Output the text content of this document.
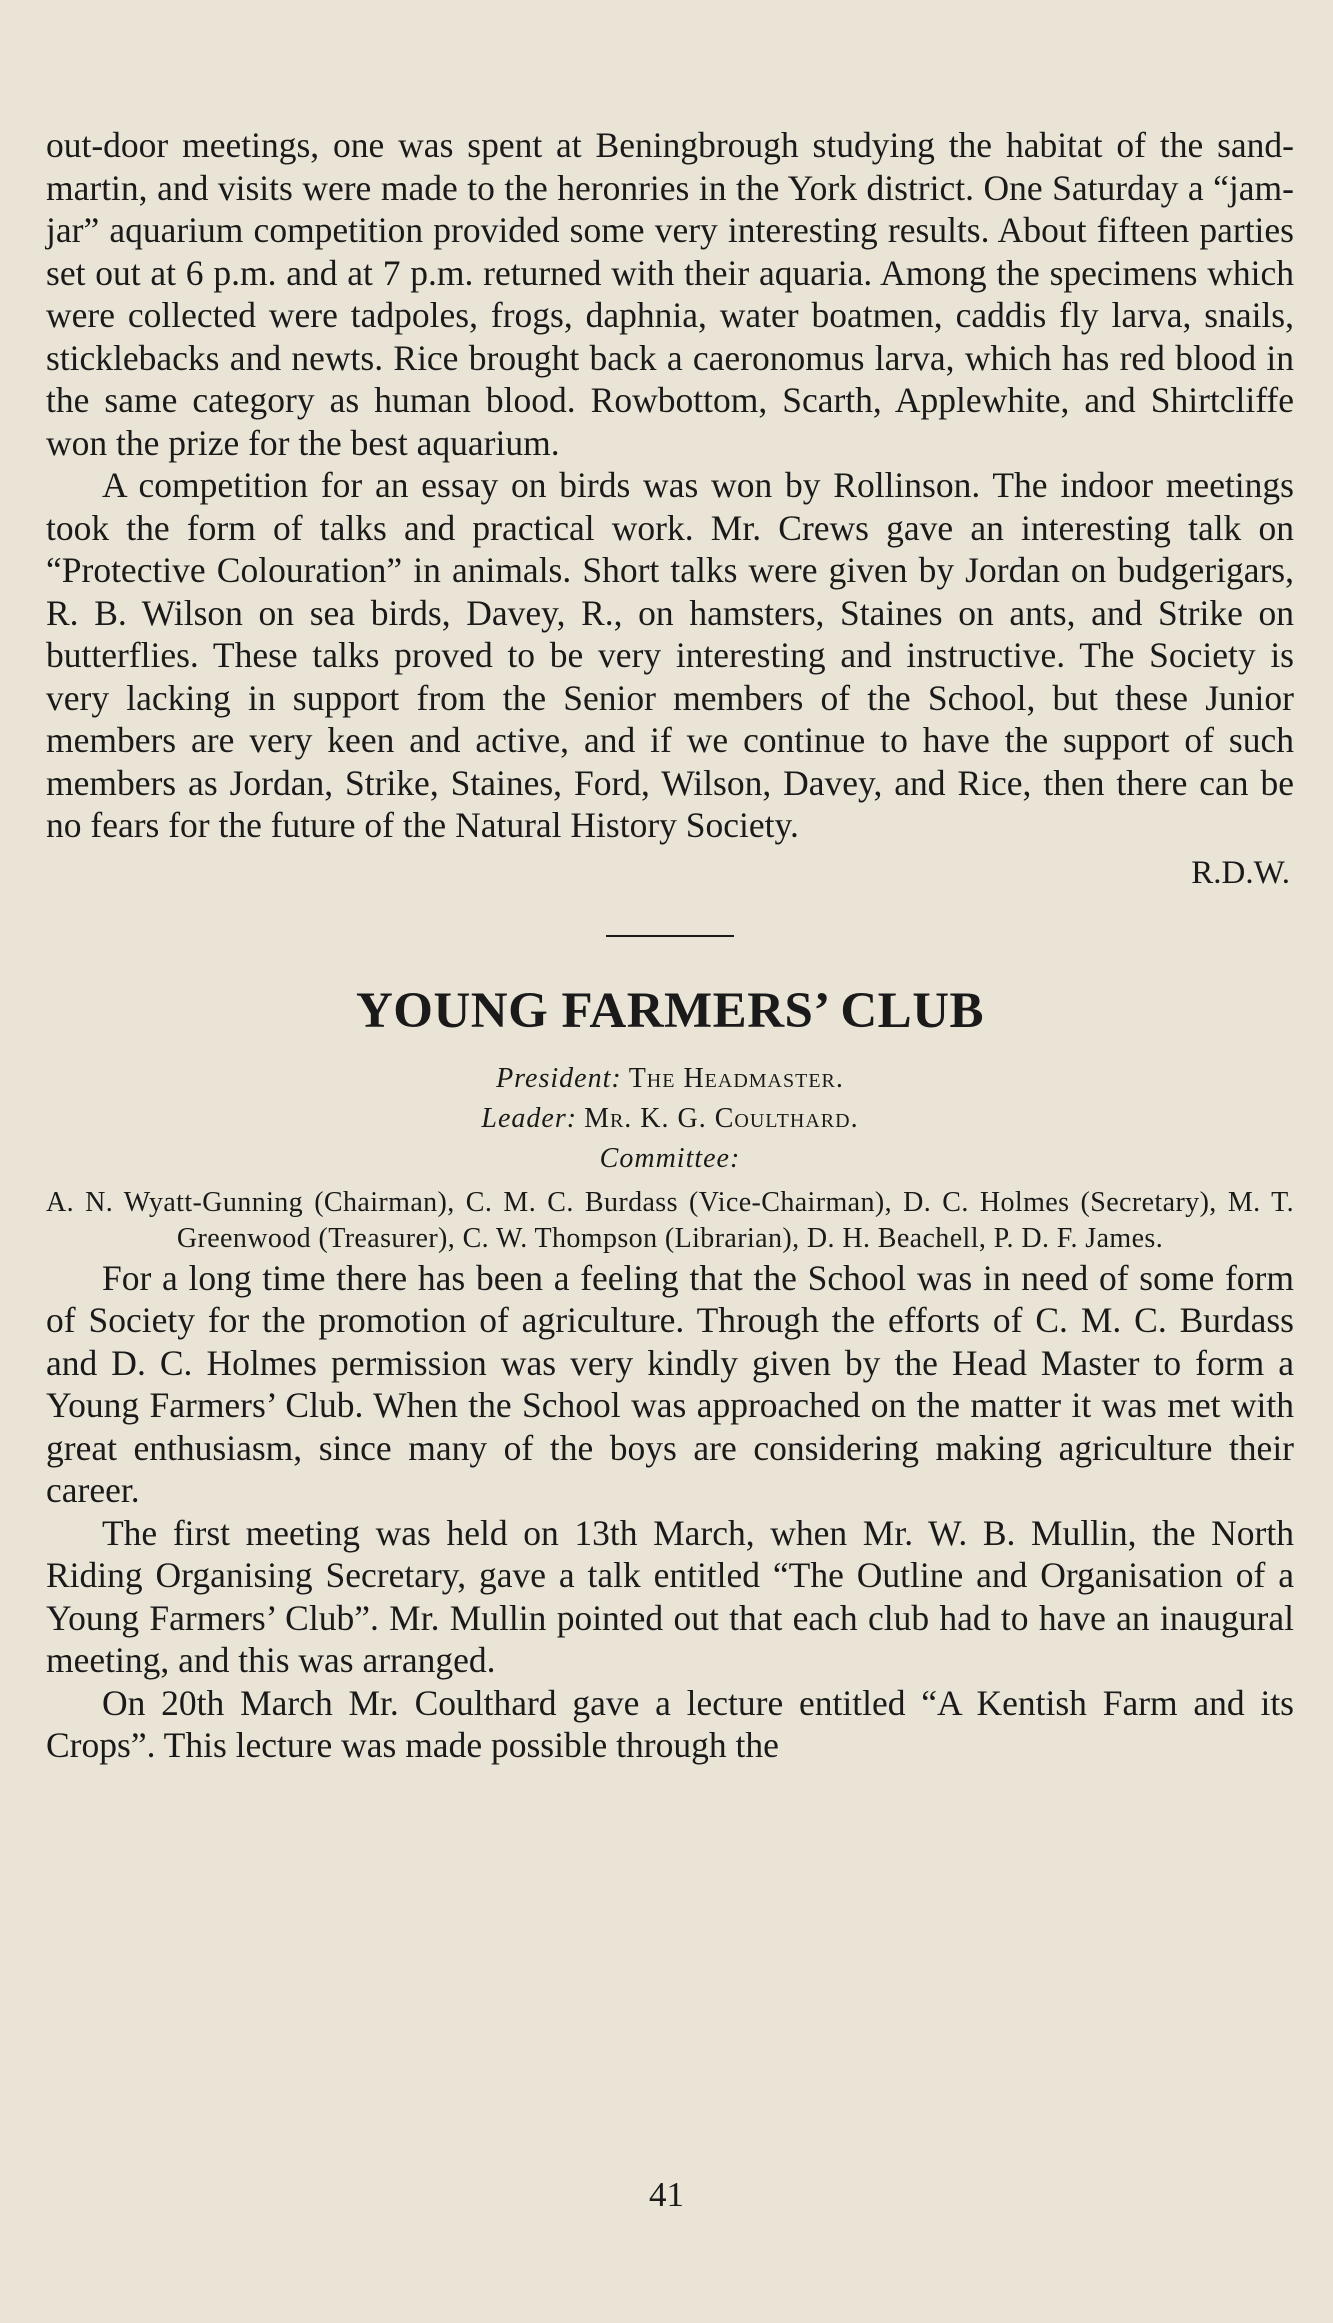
out-door meetings, one was spent at Beningbrough studying the habitat of the sand-martin, and visits were made to the heronries in the York district. One Saturday a “jam-jar” aquarium competition provided some very interesting results. About fifteen parties set out at 6 p.m. and at 7 p.m. returned with their aquaria. Among the specimens which were collected were tadpoles, frogs, daphnia, water boatmen, caddis fly larva, snails, sticklebacks and newts. Rice brought back a caeronomus larva, which has red blood in the same category as human blood. Rowbottom, Scarth, Applewhite, and Shirtcliffe won the prize for the best aquarium.

A competition for an essay on birds was won by Rollinson. The indoor meetings took the form of talks and practical work. Mr. Crews gave an interesting talk on “Protective Colouration” in animals. Short talks were given by Jordan on budgerigars, R. B. Wilson on sea birds, Davey, R., on hamsters, Staines on ants, and Strike on butterflies. These talks proved to be very interesting and instructive. The Society is very lacking in support from the Senior members of the School, but these Junior members are very keen and active, and if we continue to have the support of such members as Jordan, Strike, Staines, Ford, Wilson, Davey, and Rice, then there can be no fears for the future of the Natural History Society.

R.D.W.
YOUNG FARMERS’ CLUB

President: The Headmaster.

Leader: Mr. K. G. Coulthard.

Committee:

A. N. Wyatt-Gunning (Chairman), C. M. C. Burdass (Vice-Chairman), D. C. Holmes (Secretary), M. T. Greenwood (Treasurer), C. W. Thompson (Librarian), D. H. Beachell, P. D. F. James.

For a long time there has been a feeling that the School was in need of some form of Society for the promotion of agriculture. Through the efforts of C. M. C. Burdass and D. C. Holmes permission was very kindly given by the Head Master to form a Young Farmers’ Club. When the School was approached on the matter it was met with great enthusiasm, since many of the boys are considering making agriculture their career.

The first meeting was held on 13th March, when Mr. W. B. Mullin, the North Riding Organising Secretary, gave a talk entitled “The Outline and Organisation of a Young Farmers’ Club”. Mr. Mullin pointed out that each club had to have an inaugural meeting, and this was arranged.

On 20th March Mr. Coulthard gave a lecture entitled “A Kentish Farm and its Crops”. This lecture was made possible through the

41
